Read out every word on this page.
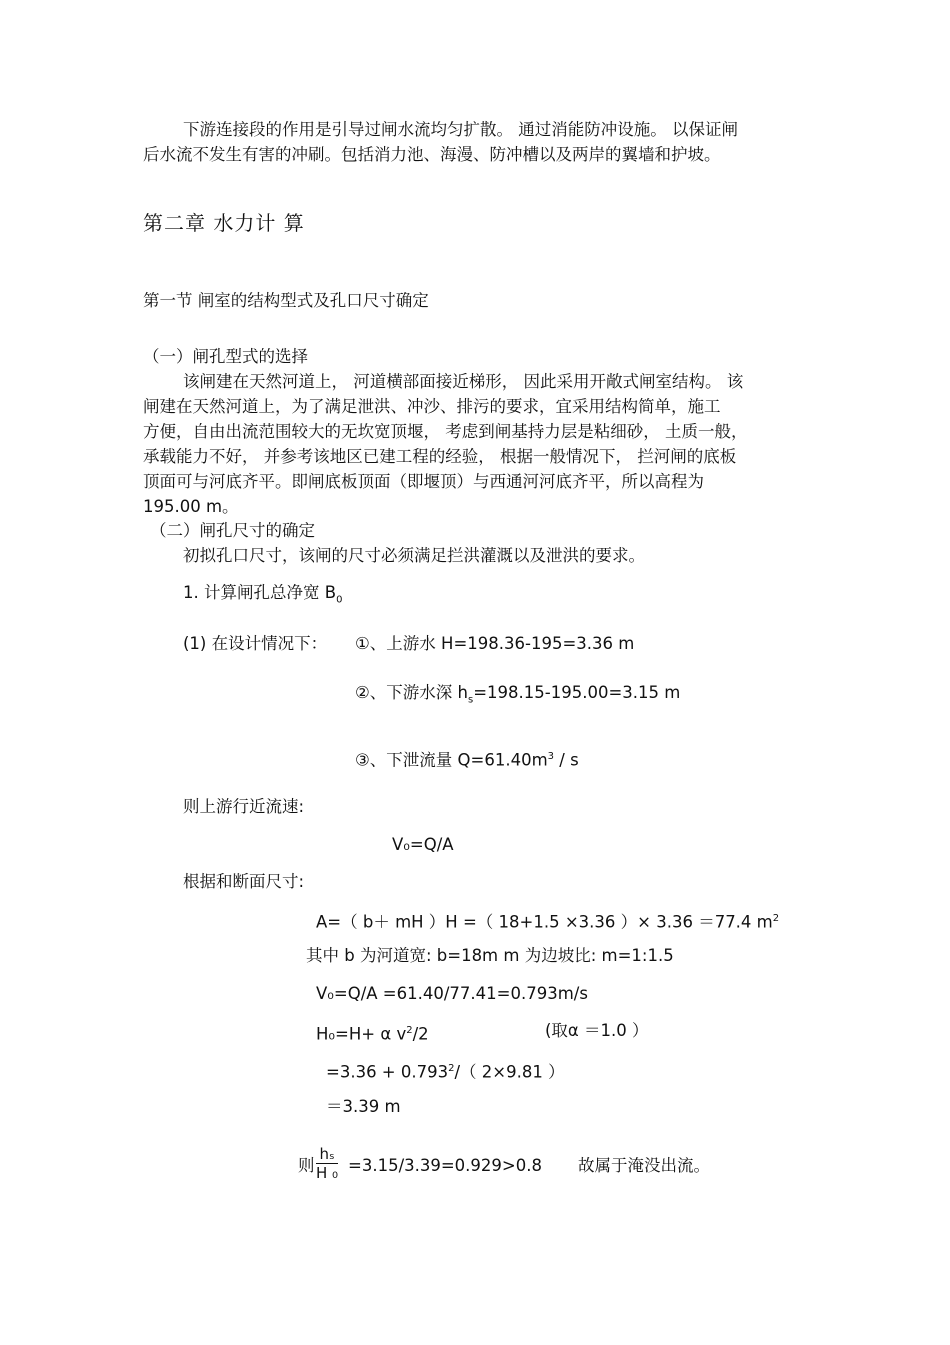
下游连接段的作用是引导过闸水流均匀扩散。 通过消能防冲设施。 以保证闸
后水流不发生有害的冲刷。包括消力池、海漫、防冲槽以及两岸的翼墙和护坡。
第二章 水力计 算
第一节 闸室的结构型式及孔口尺寸确定
（一）闸孔型式的选择
该闸建在天然河道上， 河道横部面接近梯形， 因此采用开敞式闸室结构。 该
闸建在天然河道上，为了满足泄洪、冲沙、排污的要求，宜采用结构简单，施工
方便，自由出流范围较大的无坎宽顶堰， 考虑到闸基持力层是粘细砂， 土质一般，
承载能力不好， 并参考该地区已建工程的经验， 根据一般情况下， 拦河闸的底板
顶面可与河底齐平。即闸底板顶面（即堰顶）与西通河河底齐平，所以高程为
195.00 m。
（二）闸孔尺寸的确定
初拟孔口尺寸，该闸的尺寸必须满足拦洪灌溉以及泄洪的要求。
1. 计算闸孔总净宽 $B_0$
(1) 在设计情况下： ①、上游水 H=198.36-195=3.36 m
②、下游水深 $h_s=198.15-195.00=3.15$ m
③、下泄流量 $Q=61.40m^3 / s$
则上游行近流速:
V₀=Q/A
根据和断面尺寸:
A=（ b＋ mH ）H =（ 18+1.5 ×3.36 ）× 3.36 ＝77.4 $m^2$
其中 b 为河道宽: b=18m m 为边坡比: m=1:1.5
V₀=Q/A =61.40/77.41=0.793m/s
H₀=H+ α $v^2/2$	(取α ＝1.0 ）
$=3.36 + 0.793^2/$（ 2×9.81 ）
＝3.39 m
则 $\frac{\text{hₛ}}{\text{H ₀}} =3.15/3.39=0.929>0.8$ 故属于淹没出流。
